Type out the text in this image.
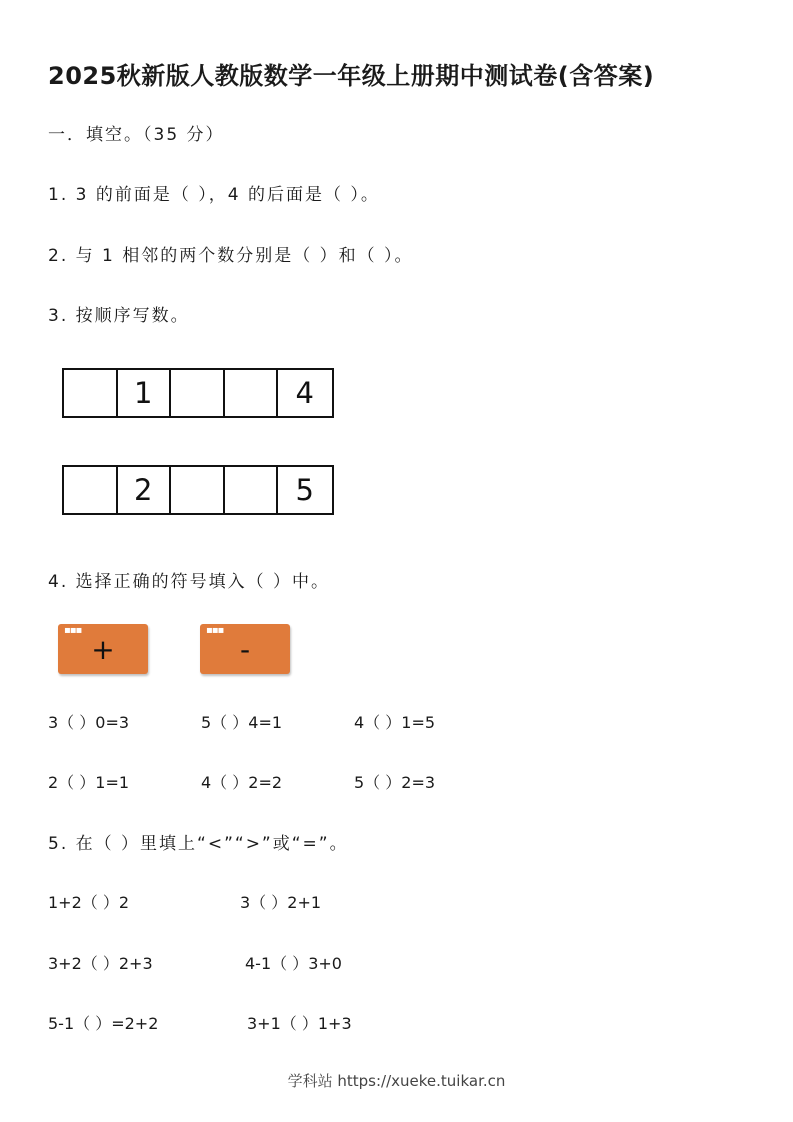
2025秋新版人教版数学一年级上册期中测试卷(含答案)
一．填空。（35 分）
1. 3 的前面是（ ），4 的后面是（ ）。
2. 与 1 相邻的两个数分别是（ ）和（ ）。
3. 按顺序写数。
1	4
2	5
4. 选择正确的符号填入（ ）中。
▪▪▪
+
▪▪▪
-
3（ ）0=3	5（ ）4=1	4（ ）1=5
2（ ）1=1	4（ ）2=2	5（ ）2=3
5. 在（ ）里填上“<”“>”或“=”。
1+2（ ）2	3（ ）2+1
3+2（ ）2+3	4-1（ ）3+0
5-1（ ）=2+2	3+1（ ）1+3
学科站 https://xueke.tuikar.cn
